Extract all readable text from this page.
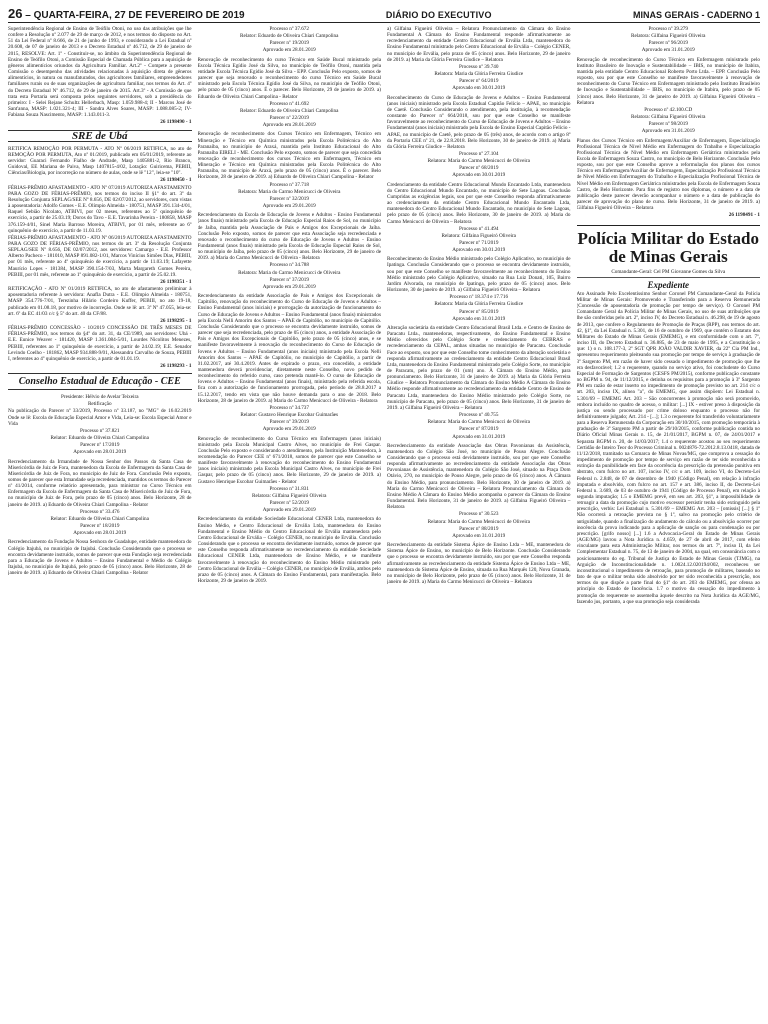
26 – QUARTA-FEIRA, 27 DE FEVEREIRO DE 2019	DIÁRIO DO EXECUTIVO	MINAS GERAIS - CADERNO 1

Superintendência Regional de Ensino de Teófilo Otoni, no uso das atribuições que lhe confere a Resolução nº 2.077 de 29 de março de 2012, e nos termos do disposto no Art. 51 da Lei Federal nº 8.666, de 21 de junho de 1993, e considerando a Lei Estadual nº 20.608, de 07 de janeiro de 2013 e o Decreto Estadual nº 46.712, de 29 de janeiro de 2015, RESOLVE: Art. 1º - Constituir-se, no âmbito da Superintendência Regional de Ensino de Teófilo Otoni, a Comissão Especial de Chamada Pública para a aquisição de gêneros alimentícios oriundos da Agricultura Familiar. Art.2º - Compete a presente Comissão o desempenho das atividades relacionadas à aquisição direta de gêneros alimentícios, in natura ou manufaturados, dos agricultores familiares, empreendedores familiares rurais ou de suas organizações de agricultura familiar, nos termos do Art. 4º do Decreto Estadual Nº 46.712, de 29 de janeiro de 2015. Art.3º - A Comissão de que trata esta Portaria será composta pelos seguintes servidores, sob a presidência do primeiro: I - Selei Rejane Schultz Hellerbach, Masp: 1.059.988-4; II - Marcos José de Sant'anna, MASP: 1.021.321-4; III - Sandra Alves Soares, MASP: 1.088.085-2; IV- Fabiana Souza Nascimento, MASP: 1.143.011-3.

26 1198490 - 1

SRE de Ubá

RETIFICA REMOÇÃO POR PERMUTA - ATO Nº 06/2019 RETIFICA, no ato de REMOÇÃO POR PERMUTA, Ato nº 01/2019, publicado em 05/01/2019, referente ao servidor: Guaraci Fernando Fialho de Andrade, Masp 1405881-2, Rio Branco, Guidoval, EE Mariana de Paiva, Masp 1407815-4/02, Lotação: Guiricema, PEBIII, Ciências/Biologia, por incorreção no número de aulas, onde se lê "12", leia-se "10".

26 1198450 - 1

FÉRIAS-PRÊMIO AFASTAMENTO - ATO Nº 07/2019 AUTORIZA AFASTAMENTO PARA GOZO DE FÉRIAS-PRÊMIO, nos termos do inciso II §1º do art. 3º da Resolução Conjunta SEPLAG/SEE Nº 8.656, DE 02/07/2012, ao servidores, com vistas à aposentadoria: Adolfo Gomes - E.E. Olímpio Almeida - 180751, MASP 391.134-4/01, Raquel Sebião Nicolato, ATBIVI, por 02 meses, referentes ao 5º quinquênio de exercício, a partir de 25.03.19; Doros do Tavo - E.E. Tavarinha Pereira - 180858, MASP 376.159-4/01, Sinel Maria Barroso Moreira, ATBIVI, por 01 mês, referente ao 6º quinquênio de exercício, a partir de 11.03.19.

FÉRIAS-PRÊMIO AFASTAMENTO - ATO Nº 06/2019 AUTORIZA AFASTAMENTO PARA GOZO DE FÉRIAS-PRÊMIO, nos termos do art. 3º da Resolução Conjunta SEPLAG/SEE Nº 8.656, DE 02/07/2012, aos servidores: Camargo - E.E. Professor Alberto Pacheco - 181010, MASP 891.082-1/01, Marcos Vinícius Simões Dias, PEBIII, por 01 mês, referente ao 4º quinquênio de exercício, a partir de 11.03.19; Lafayette Maurício Lopes - 181384, MASP 390.154-7/03, Marta Margareth Gomes Pereira, PEBIII, por 01 mês, referente ao 1º quinquênio de exercício, a partir de 25.02.19.

26 1198351 - 1

RETIFICAÇÃO - ATO Nº 01/2019 RETIFICA, no ato de afastamento preliminar à aposentadoria referente à servidora: Anafla Dutra - E.E. Olímpio Almeida - 180751, MASP 354.776-7/01, Terezinha Hilário Cordeiro Kuffer, PEBIII, no ato 19-18, publicado em 01.08.18, por motivo de incorreção. Onde se lê: art. 3º Nº 47.055, leia-se: art. 6º da EC 41/03 c/c § 5º do art. 40 da CF/88.

26 1198295 - 1

FÉRIAS-PRÊMIO CONCESSÃO - 10/2019 CONCESSÃO DE TRÊS MESES DE FÉRIAS-PRÊMIO, nos termos do §4º do art. 31, da CE/1989, aos servidores: Ubá - E.E. Eunice Weaver - 181420, MASP 1.361.084-5/01, Lourdes Nicolitos Menezes, PEBIII, referentes ao 1º quinquênio de exercício, a partir de 24.02.19; E.E. Senador Levindo Coelho - 181862, MASP 934.888-9/01, Alessandra Carvalho de Souza, PEBIII I, referentes ao 4º quinquênio de exercício, a partir de 01.01.19.

26 1198293 - 1

Conselho Estadual de Educação - CEE

Presidente: Hélvio de Avelar Teixeira

Retificação

Na publicação do Parecer nº 33/2019, Processo nº 33.187, no "MG" de 16.02.2019 Onde se lê: Escola de Educação Especial Amor e Vida, Leia-se: Escola Especial Amor e Vida

Processo nº 37.821

Relator: Eduardo de Oliveira Chiari Campolina

Parecer nº 17/2019

Aprovado em 28.01.2019

Recredenciamento da Irmandade de Nossa Senhor dos Passos da Santa Casa de Misericórdia de Juiz de Fora, mantenedora da Escola de Enfermagem da Santa Casa de Misericórdia de Juiz de Fora, no município de Juiz de Fora. Conclusão Pelo exposto, somos de parecer que esta Irmandade seja recredenciada, mantidos os termos do Parecer nº 41/2014, conforme relatório apresentado, para ministrar no Curso Técnico em Enfermagem da Escola de Enfermagem da Santa Casa de Misericórdia de Juiz de Fora, no município de Juiz de Fora, pelo prazo de 05 (cinco) anos. Belo Horizonte, 28 de janeiro de 2019. a) Eduardo de Oliveira Chiari Campolina - Relator

Processo nº 33.476

Relator: Eduardo de Oliveira Chiari Campolina

Parecer nº 18/2019

Aprovado em 28.01.2019

Recredenciamento da Fundação Nossa Senhora de Guadalupe, entidade mantenedora do Colégio Itajubá, no município de Itajubá. Conclusão Considerando que o processo se encontra devidamente instruído, somos de parecer que esta Fundação seja recredenciada para a Educação de Jovens e Adultos – Ensino Fundamental e Médio do Colégio Itajubá, no município de Itajubá, pelo prazo de 05 (cinco) anos. Belo Horizonte, 28 de janeiro de 2019. a) Eduardo de Oliveira Chiari Campolina - Relator

Processo nº 37.672

Relator: Eduardo de Oliveira Chiari Campolina

Parecer nº 19/2019

Aprovado em 28.01.2019

Renovação de reconhecimento do curso Técnico em Saúde Bucal ministrado pela Escola Técnica Egídio José da Silva, no município de Teófilo Otoni, mantida pela entidade Escola Técnica Egídio José da Silva - EPP. Conclusão Pelo exposto, somos de parecer que seja renovado o reconhecimento do curso Técnico em Saúde Bucal ministrado pela Escola Técnica Egídio José da Silva, no município de Teófilo Otoni, pelo prazo de 05 (cinco) anos. É o parecer. Belo Horizonte, 29 de janeiro de 2019. a) Eduardo de Oliveira Chiari Campolina - Relator

Processo nº 41.692

Relator: Eduardo de Oliveira Chiari Campolina

Parecer nº 22/2019

Aprovado em 28.01.2019

Renovação de reconhecimento dos Cursos Técnico em Enfermagem, Técnico em Mineração e Técnico em Química ministrados pela Escola Politécnica do Alto Paranaíba, no município de Araxá, mantida pelo Instituto Educacional do Alto Paranaíba EIRELI - ME. Conclusão Pelo exposto, somos de parecer que seja concedida renovação de reconhecimento dos cursos Técnico em Enfermagem, Técnico em Mineração e Técnico em Química ministrados pela Escola Politécnica do Alto Paranaíba, no município de Araxá, pelo prazo de 05 (cinco) anos. É o parecer. Belo Horizonte, 28 de janeiro de 2019. a) Eduardo de Oliveira Chiari Campolina - Relator

Processo nº 37.718

Relatora: Maria do Carmo Menicucci de Oliveira

Parecer nº 32/2019

Aprovado em 29.01.2019

Recredenciamento da Escola de Educação de Jovens e Adultos - Ensino Fundamental (anos finais) ministrado pela Escola de Educação Especial Raios de Sol, no município de Jaíba, mantida pela Associação de Pais e Amigos dos Excepcionais de Jaíba. Conclusão Pelo exposto, somos de parecer que esta Associação seja recredenciada e renovado o reconhecimento do curso de Educação de Jovens e Adultos - Ensino Fundamental (anos finais) ministrado pela Escola de Educação Especial Raios de Sol, no município de Jaíba, pelo prazo de 05 (cinco) anos. Belo Horizonte, 29 de janeiro de 2019. a) Maria do Carmo Menicucci de Oliveira - Relatora

Processo nº 34.788

Relatora: Maria do Carmo Menicucci de Oliveira

Parecer nº 37/2019

Aprovado em 29.01.2019

Recredenciamento da entidade Associação de Pais e Amigos dos Excepcionais de Capitólio, renovação do reconhecimento do Curso de Educação de Jovens e Adultos – Ensino Fundamental (anos iniciais) e prorrogação da autorização de funcionamento do Curso de Educação de Jovens e Adultos – Ensino Fundamental (anos finais) ministrados pela Escola Nelli Amorim dos Santos – APAE de Capitólio, no município de Capitólio. Conclusão Considerando que o processo se encontra devidamente instruído, somos de parecer que seja recredenciada, pelo prazo de 05 (cinco) anos, a entidade Associação de Pais e Amigos dos Excepcionais de Capitólio, pelo prazo de 05 (cinco) anos, e se manifeste favoravelmente à renovação do reconhecimento do Curso de Educação de Jovens e Adultos – Ensino Fundamental (anos iniciais) ministrado pela Escola Nelli Amorim dos Santos – APAE de Capitólio, no município de Capitólio, a partir de 01.02.2017, até 30.4.2019. Antes de expirado o prazo, era concedido, a entidade mantenedora deverá providenciar, diretamente neste Conselho, novo pedido de reconhecimento do referido curso, caso pretenda mantê-lo. O curso de Educação de Jovens e Adultos – Ensino Fundamental (anos finais), ministrado pela referida escola, fica com a autorização de funcionamento prorrogada, pelo período de 28.8.2017 a 15.12.2017, tendo em vista que não houve demanda para o ano de 2018. Belo Horizonte, 28 de janeiro de 2019. a) Maria do Carmo Menicucci de Oliveira - Relatora

Processo nº 34.737

Relator: Gustavo Henrique Escobar Guimarães

Parecer nº 39/2019

Aprovado em 29.01.2019

Renovação de reconhecimento do Curso Técnico em Enfermagem (anos iniciais) ministrado pela Escola Municipal Castro Alves, no município de Frei Gaspar. Conclusão Pelo exposto e considerando o atendimento, pela Instituição Mantenedora, à recomendação do Parecer CEE nº 671/2018, somos de parecer que este Conselho se manifeste favoravelmente à renovação do reconhecimento do Ensino Fundamental (anos iniciais) ministrado pela Escola Municipal Castro Alves, no município de Frei Gaspar, pelo prazo de 05 (cinco) anos. Belo Horizonte, 29 de janeiro de 2019. a) Gustavo Henrique Escobar Guimarães - Relator

Processo nº 31.831

Relatora: Gilfaina Figueiró Oliveira

Parecer nº 52/2019

Aprovado em 29.01.2019

Recredenciamento da entidade Sociedade Educacional CENER Ltda, mantenedora do Ensino Médio, e Centro Educacional de Ervália Ltda, mantenedora do Ensino Fundamental e Ensino Médio do Centro Educacional de Ervália mantenedora pelo Centro Educacional de Ervália – Colégio CENER, no município de Ervália. Conclusão Considerando que o processo se encontra devidamente instruído, somos de parecer que este Conselho responda afirmativamente no recredenciamento da entidade Sociedade Educacional CENER Ltda, mantenedora de Ensino Médio, e se manifeste favoravelmente à renovação do reconhecimento do Ensino Médio ministrado pelo Centro Educacional de Ervália – Colégio CENER, no município de Ervália, ambos pelo prazo de 05 (cinco) anos. A Câmara do Ensino Fundamental, para manifestação. Belo Horizonte, 29 de janeiro de 2019.

a) Gilfaina Figueiró Oliveira – Relatora Pronunciamento da Câmara do Ensino Fundamental A Câmara do Ensino Fundamental responde afirmativamente ao recredenciamento da entidade Centro Educacional de Ervália Ltda, mantenedora do Ensino Fundamental ministrado pelo Centro Educacional de Ervália – Colégio CENER, no município de Ervália, pelo prazo de 05 (cinco) anos. Belo Horizonte, 29 de janeiro de 2019. a) Maria da Glória Ferreira Giudice – Relatora

Processo nº 39.740

Relatora: Maria da Glória Ferreira Giudice

Parecer nº 64/2019

Aprovado em 30.01.2019

Reconhecimento do Curso de Educação de Jovens e Adultos – Ensino Fundamental (anos iniciais) ministrado pela Escola Estadual Capitão Felício – APAE, no município de Caetê. Conclusão Considerando o atendimento, pela instituição, à recomendação constante do Parecer nº 664/2018, sou por que este Conselho se manifeste favoravelmente ao reconhecimento do Curso de Educação de Jovens e Adultos – Ensino Fundamental (anos iniciais) ministrado pela Escola de Ensino Especial Capitão Felício - APAE, no município de Caetê, pelo prazo de 05 (três) anos, de acordo com o artigo 8º da Portaria CEE nº 21, de 22.8.2018. Belo Horizonte, 30 de janeiro de 2019. a) Maria da Glória Ferreira Giudice – Relatora

Processo nº 27.104

Relatora: Maria do Carmo Menicucci de Oliveira

Parecer nº 68/2019

Aprovado em 30.01.2019

Credenciamento da entidade Centro Educacional Mundo Encantado Ltda, mantenedora do Centro Educacional Mundo Encantado, no município de Sete Lagoas. Conclusão Cumpridas as exigências legais, sou por que este Conselho responda afirmativamente ao credenciamento da entidade Centro Educacional Mundo Encantado Ltda, mantenedora do Centro Educacional Mundo Encantado, no município de Sete Lagoas, pelo prazo de 05 (cinco) anos. Belo Horizonte, 30 de janeiro de 2019. a) Maria do Carmo Menicucci de Oliveira – Relatora

Processo nº 41.494

Relatora: Gilfaina Figueiró Oliveira

Parecer nº 71/2019

Aprovado em 30.01.2019

Reconhecimento do Ensino Médio ministrado pelo Colégio Aplicativo, no município de Ipatinga. Conclusão Considerando que o processo se encontra devidamente instruído, sou por que este Conselho se manifeste favoravelmente ao reconhecimento do Ensino Médio ministrado pelo Colégio Aplicativo, situado na Rua Luiz Donati, 105, Bairro Jardim Alvorada, no município de Ipatinga, pelo prazo de 05 (cinco) anos. Belo Horizonte, 30 de janeiro de 2019. a) Gilfaina Figueiró Oliveira – Relatora

Processo nº 18.374 e 17.716

Relatora: Maria da Glória Ferreira Giudice

Parecer nº 85/2019

Aprovado em 31.01.2019

Alteração societária da entidade Centro Educacional Brasil Ltda. e Centro de Ensino de Paracatu Ltda., mantenedoras, respectivamente, do Ensino Fundamental e Ensino Médio oferecidos pelo Colégio Sorte e credenciamento do CEBRAS e recredenciamento da CEPAL, ambas situadas no município de Paracatu. Conclusão Face ao exposto, sou por que este Conselho tome conhecimento da alteração societária e responda afirmativamente ao credenciamento da entidade Centro Educacional Brasil Ltda, mantenedora do Ensino Fundamental ministrado pelo Colégio Sorte, no município de Paracatu, pelo prazo de 01 (um) ano. À Câmara do Ensino Médio, para pronunciamento. Belo Horizonte, 31 de janeiro de 2019. a) Maria da Glória Ferreira Giudice – Relatora Pronunciamento da Câmara do Ensino Médio A Câmara do Ensino Médio responde afirmativamente ao recredenciamento da entidade Centro de Ensino de Paracatu Ltda, mantenedora do Ensino Médio ministrado pelo Colégio Sorte, no município de Paracatu, pelo prazo de 05 (cinco) anos. Belo Horizonte, 31 de janeiro de 2019. a) Gilfaina Figueiró Oliveira – Relatora

Processo nº 40.755

Relatora: Maria do Carmo Menicucci de Oliveira

Parecer nº 87/2019

Aprovado em 31.01.2019

Recredenciamento da entidade Associação das Obras Pavonianas da Assistência, mantenedora do Colégio São José, no município de Pouso Alegre. Conclusão Considerando que o processo está devidamente instruído, sou por que este Conselho responda afirmativamente ao recredenciamento da entidade Associação das Obras Pavonianas de Assistência, mantenedora do Colégio São José, situado na Praça Dom Otávio, 270, no município de Pouso Alegre, pelo prazo de 05 (cinco) anos. À Câmara do Ensino Médio, para pronunciamento. Belo Horizonte, 30 de janeiro de 2019. a) Maria do Carmo Menicucci de Oliveira – Relatora Pronunciamento da Câmara do Ensino Médio A Câmara do Ensino Médio acompanha o parecer da Câmara do Ensino Fundamental. Belo Horizonte, 31 de janeiro de 2019. a) Gilfaina Figueiró Oliveira – Relatora

Processo nº 30.523

Relatora: Maria do Carmo Menicucci de Oliveira

Parecer nº 88/2019

Aprovado em 31.01.2019

Recredenciamento da entidade Sistema Ápice de Ensino Ltda – ME, mantenedora do Sistema Ápice de Ensino, no município de Belo Horizonte. Conclusão Considerando que o processo se encontra devidamente instruído, sou por que este Conselho responda afirmativamente ao recredenciamento da entidade Sistema Ápice de Ensino Ltda – ME, mantenedora do Sistema Ápice de Ensino, situada na Rua Marquês 120, Nova Granada, no município de Belo Horizonte, pelo prazo de 05 (cinco) anos. Belo Horizonte, 31 de janeiro de 2019. a) Maria do Carmo Menicucci de Oliveira – Relatora

Processo nº 39.279

Relatora: Gilfaina Figueiró Oliveira

Parecer nº 96/2019

Aprovado em 31.01.2019

Renovação de reconhecimento do Curso Técnico em Enfermagem ministrado pelo Instituto Brasileiro de Inovação e Sustentabilidade – IBIS, no município de Itabira, mantida pela entidade Centro Educacional Roberto Porto Ltda. – EPP. Conclusão Pelo exposto, sou por que este Conselho se manifeste favoravelmente à renovação de reconhecimento do Curso Técnico em Enfermagem ministrado pelo Instituto Brasileiro de Inovação e Sustentabilidade – IBIS, no município de Itabira, pelo prazo de 05 (cinco) anos. Belo Horizonte, 31 de janeiro de 2019. a) Gilfaina Figueiró Oliveira – Relatora

Processo nº 42.100.CD

Relatora: Gilfaina Figueiró Oliveira

Parecer nº 98/2019

Aprovado em 31.01.2019

Planos dos Cursos Técnico em Enfermagem/Auxiliar de Enfermagem, Especialização Profissional Técnica de Nível Médio em Enfermagem do Trabalho e Especialização Profissional Técnica de Nível Médio em Enfermagem Geriátrica ministrados pela Escola de Enfermagem Souza Castro, no município de Belo Horizonte. Conclusão Pelo exposto, sou por que este Conselho aprove a reformulação dos planos dos cursos Técnico em Enfermagem/Auxiliar de Enfermagem, Especialização Profissional Técnica de Nível Médio em Enfermagem do Trabalho e Especialização Profissional Técnica de Nível Médio em Enfermagem Geriátrica ministrados pela Escola de Enfermagem Souza Castro, de Belo Horizonte. Para fins de registro nos diplomas, o número e a data de publicação deste parecer deverão acompanhar o número e a data de publicação do parecer de aprovação do plano de curso. Belo Horizonte, 31 de janeiro de 2019. a) Gilfaina Figueiró Oliveira – Relatora

26 1198491 - 1

Polícia Militar do Estado de Minas Gerais
Comandante-Geral: Cel PM Giovanne Gomes da Silva
Expediente

Ato Assinado Pelo Excelentíssimo Senhor Coronel PM Comandante-Geral da Polícia Militar de Minas Gerais: Promovendo e Transferindo para a Reserva Remunerada (Concessão de aposentadoria de promoção por tempo de serviço). O Coronel PM Comandante Geral da Polícia Militar de Minas Gerais, no uso de suas atribuições que lhe são conferidas pelo art. 2º, inciso IV, do Decreto Estadual n. 46.298, de 19 de agosto de 2013, que confere o Regulamento de Promoção de Praças (RPP), nos termos do art. 42, §1º, da Lei Estadual n. 5.301, de 16 de outubro de 1969, que contém o Estatuto dos Militares do Estado de Minas Gerais (EMEMG), e em conformidade com o art. 7º, inciso III, do Decreto Estadual n. 36.885, de 23 de maio de 1995, e a Constituição o que: 1) o n. 108.177-3, 2º SGT QPR JOÃO VALDIR XAVIER, da 22º Cia PM Ind., apresentou requerimento pleiteando sua promoção por tempo de serviço à graduação de 3º Sargento PM, em razão de haver sido cessado o impedimento de promoção que lhe era desfavorável; 1.2 o requerente, quando no serviço ativo, foi concludente do Curso Especial de Formação de Sargentos (CESFS PM/2015), conforme publicação constante no BGPM n. 94, de 11/12/2015, e detinha os requisitos para a promoção à 3º Sargento PM em razão de estar inserto no impedimento de promoção previsto no art. 214 c/c o art. 203, inciso IX, alínea "a", do EMEMG, que assim dispõem: Lei Estadual n. 5.301/69 – EMEMG Art. 203 – São concorrentes à promoção não será promovido, embora incluído no quadro de acesso, o militar: [...] IX - estiver preso à disposição da justiça ou sendo processado por crime doloso enquanto o processo não for definitivamente julgado; Art. 214 - [...]; 1.3 o requerente foi transferido voluntariamente para a Reserva Remunerada da Corporação em 30/10/2015, com promoção temporária à graduação de 3º Sargento PM a partir de 29/10/2015, conforme publicação contida no Diário Oficial Minas Gerais n. 15, de 21/01/2017, BGPM n. 07, de 24/01/2017 e Separata BGPM n. 20, de 14/03/2017; 1.4 o requerente acostou ao seu requerimento Certidão de Inteiro Teor do Processo Criminal n. 0024876-72.2012.8.13.0418, datada de 11/12/2018, tramitado na Comarca de Minas Novas/MG, que comprova a cessação do impedimento de promoção por tempo de serviço em razão de ter sido reconhecida a extinção da punibilidade em face da ocorrência da prescrição da pretensão punitiva em abstrato, com fulcro no art. 107, inciso IV, c/c o art. 109, inciso VI, do Decreto-Lei Federal n. 2.848, de 07 de dezembro de 1940 (Código Penal), em relação à infração imputada e absolvido, com fulcro no art. 157 e art. 386, inciso II, do Decreto-Lei Federal n. 3.689, de 03 de outubro de 1941 (Código de Processo Penal), em relação à segunda imputação; 1.5 o EMEMG prevê, em seu art. 203, §1º, a impossibilidade de retroagir a data da promoção cujo motivo excessor persistir tenha sido extinguido pela prescrição, verbis: Lei Estadual n. 5.301/69 – EMEMG Art. 203 – [omissis] [...] § 1º Não ocorrerá a retroação prevista no § 1º, salvo na promoção pelo critério de antiguidade, quando a finalização do andamento do cálculo ou a absolvição ocorrer por inocência da prova indicando para a aplicação de sanção ou para condenação ou por prescrição. [grifo nosso] [...] 1.6 a Advocacia-Geral do Estado de Minas Gerais (AGE/MG) lavrou a Nota Jurídica n. 4.659, de 27 de abril de 2017, com efeito vinculante para esta Administração Militar, nos termos do art. 7º, inciso II, da Lei Complementar Estadual n. 75, de 13 de janeiro de 2004, na qual, em consonância com o posicionamento do eg. Tribunal de Justiça do Estado de Minas Gerais (TJMG), na Arguição de Inconstitucionalidade n. 1.0024.12.020194/002, reconheceu ser inconstitucional o impedimento de retroação, para promoção de militares, baseado no fato de que o militar tenha sido absolvido por ter sido reconhecida a prescrição, nos termos do que dispõe a parte final do §1º do art. 203 do EMEMG, por ofensa ao princípio do Estado de Inocência. 1.7 o motivo da cessação do impedimento à promoção do requerente se assemelha àquele descrito na Nota Jurídica da AGE/MG, fazendo jus, portanto, a que sua promoção seja considerada
